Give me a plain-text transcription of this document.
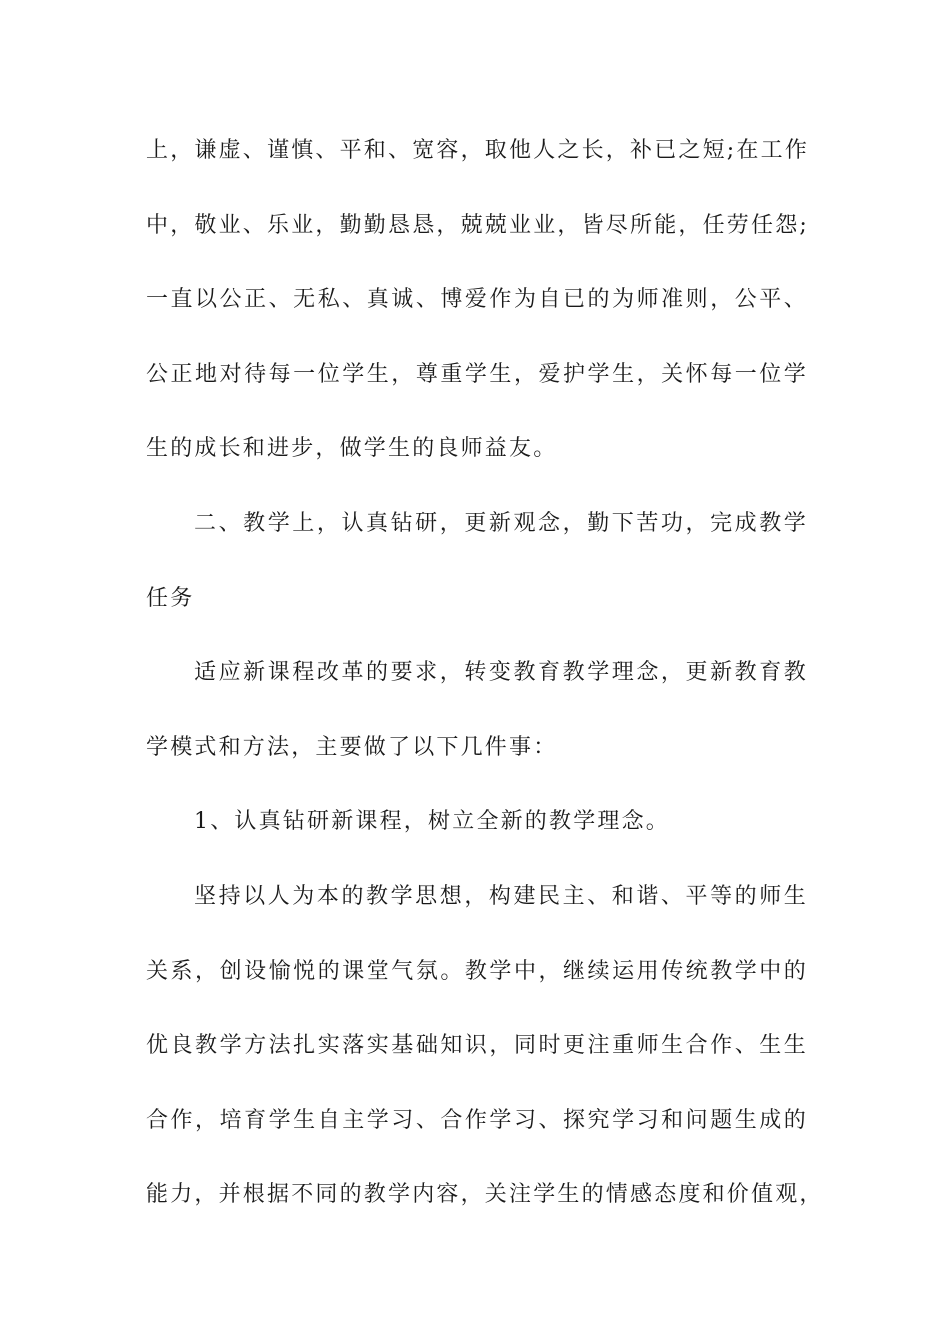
上，谦虚、谨慎、平和、宽容，取他人之长，补已之短;在工作
中，敬业、乐业，勤勤恳恳，兢兢业业，皆尽所能，任劳任怨;
一直以公正、无私、真诚、博爱作为自已的为师准则，公平、
公正地对待每一位学生，尊重学生，爱护学生，关怀每一位学
生的成长和进步，做学生的良师益友。
二、教学上，认真钻研，更新观念，勤下苦功，完成教学
任务
适应新课程改革的要求，转变教育教学理念，更新教育教
学模式和方法，主要做了以下几件事：
1、认真钻研新课程，树立全新的教学理念。
坚持以人为本的教学思想，构建民主、和谐、平等的师生
关系，创设愉悦的课堂气氛。教学中，继续运用传统教学中的
优良教学方法扎实落实基础知识，同时更注重师生合作、生生
合作，培育学生自主学习、合作学习、探究学习和问题生成的
能力，并根据不同的教学内容，关注学生的情感态度和价值观，
